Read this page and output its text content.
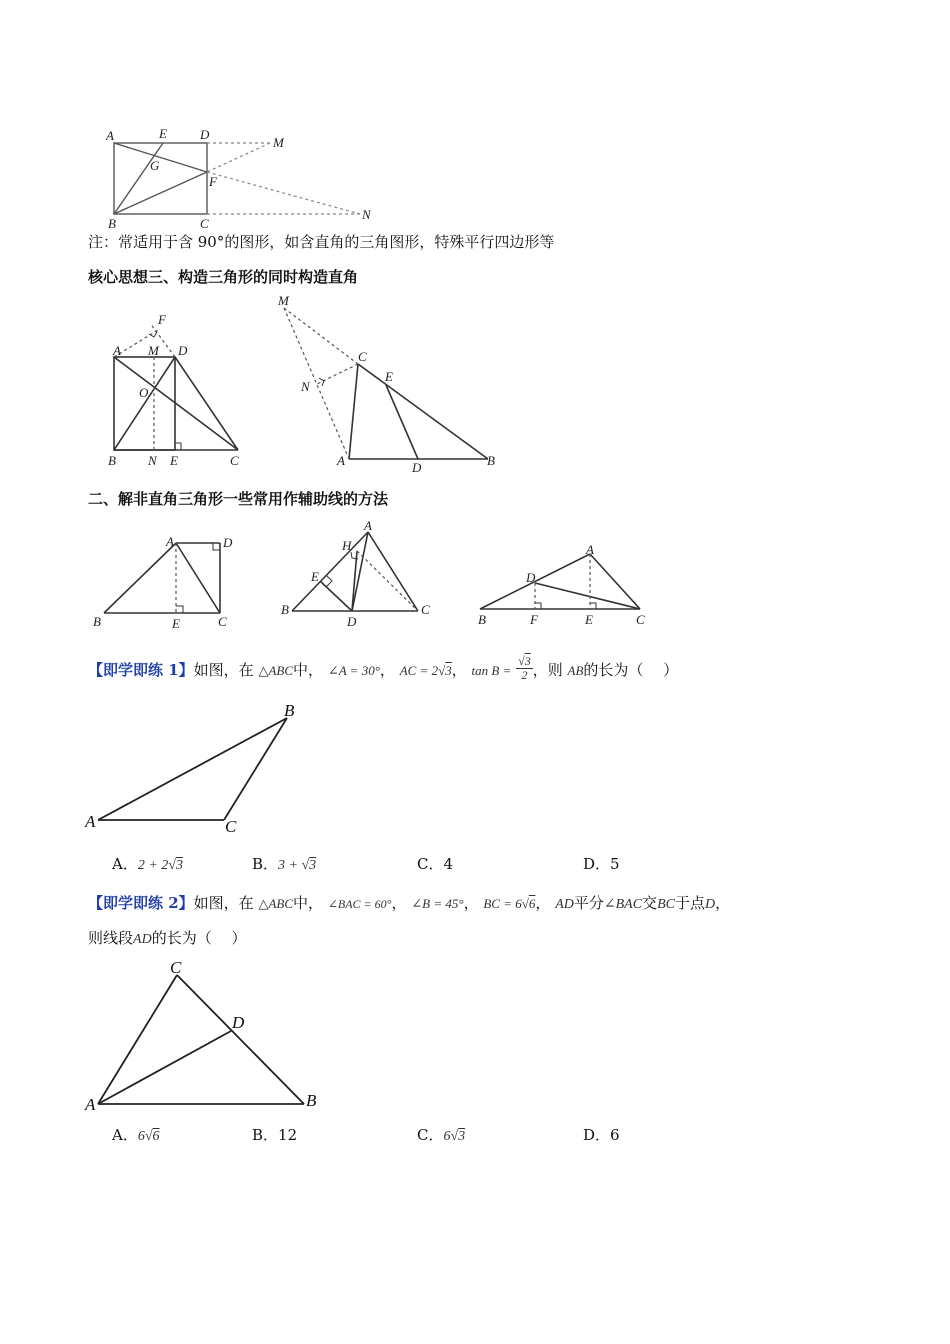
A	E	D
M
G
F
B	C
N
注：常适用于含 90°的图形，如含直角的三角图形，特殊平行四边形等
核心思想三、构造三角形的同时构造直角
F
A M D
O
B N E	C
M
C
E
N
A	D	B
二、解非直角三角形一些常用作辅助线的方法
A	D
B	E	C
A
H
E
B
D
C
A
D
B	F	E	C
【即学即练 1】如图，在 △ABC中， ∠A = 30°， AC = 2√3， $\tan B = \frac{√3}{2}$ ，则 AB的长为（　 ）
B
A	C
A．2 + 2√3	B．3 + √3	C．4	D．5
【即学即练 2】如图，在 △ABC中， ∠BAC = 60°， ∠B = 45°， BC = 6√6， AD平分∠BAC交BC于点D，
则线段AD的长为（　 ）
C
D
A	B
A．6√6	B．12	C．6√3	D．6
